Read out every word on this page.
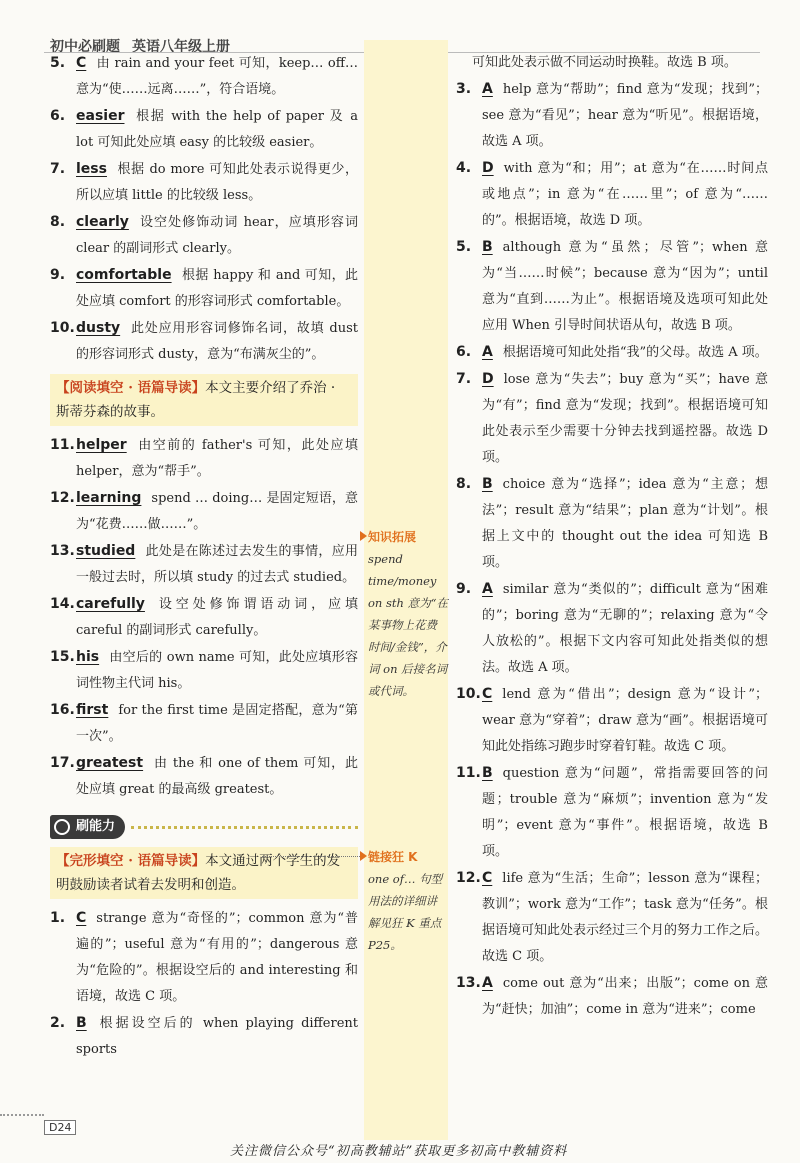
初中必刷题 英语八年级上册
5. C 由 rain and your feet 可知，keep… off… 意为“使……远离……”，符合语境。
6. easier 根据 with the help of paper 及 a lot 可知此处应填 easy 的比较级 easier。
7. less 根据 do more 可知此处表示说得更少，所以应填 little 的比较级 less。
8. clearly 设空处修饰动词 hear，应填形容词 clear 的副词形式 clearly。
9. comfortable 根据 happy 和 and 可知，此处应填 comfort 的形容词形式 comfortable。
10. dusty 此处应用形容词修饰名词，故填 dust 的形容词形式 dusty，意为“布满灰尘的”。
【阅读填空 · 语篇导读】本文主要介绍了乔治 · 斯蒂芬森的故事。
11. helper 由空前的 father's 可知，此处应填 helper，意为“帮手”。
12. learning spend … doing… 是固定短语，意为“花费……做……”。
13. studied 此处是在陈述过去发生的事情，应用一般过去时，所以填 study 的过去式 studied。
14. carefully 设空处修饰谓语动词，应填 careful 的副词形式 carefully。
15. his 由空后的 own name 可知，此处应填形容词性物主代词 his。
16. first for the first time 是固定搭配，意为“第一次”。
17. greatest 由 the 和 one of them 可知，此处应填 great 的最高级 greatest。
刷能力
【完形填空 · 语篇导读】本文通过两个学生的发明鼓励读者试着去发明和创造。
1. C strange 意为“奇怪的”；common 意为“普遍的”；useful 意为“有用的”；dangerous 意为“危险的”。根据设空后的 and interesting 和语境，故选 C 项。
2. B 根据设空后的 when playing different sports
知识拓展
spend time/money on sth 意为“在某事物上花费时间/金钱”，介词 on 后接名词或代词。
链接狂 K
one of… 句型用法的详细讲解见狂 K 重点 P25。
可知此处表示做不同运动时换鞋。故选 B 项。
3. A help 意为“帮助”；find 意为“发现；找到”；see 意为“看见”；hear 意为“听见”。根据语境，故选 A 项。
4. D with 意为“和；用”；at 意为“在……时间点或地点”；in 意为“在……里”；of 意为“……的”。根据语境，故选 D 项。
5. B although 意为“虽然；尽管”；when 意为“当……时候”；because 意为“因为”；until 意为“直到……为止”。根据语境及选项可知此处应用 When 引导时间状语从句，故选 B 项。
6. A 根据语境可知此处指“我”的父母。故选 A 项。
7. D lose 意为“失去”；buy 意为“买”；have 意为“有”；find 意为“发现；找到”。根据语境可知此处表示至少需要十分钟去找到遥控器。故选 D 项。
8. B choice 意为“选择”；idea 意为“主意；想法”；result 意为“结果”；plan 意为“计划”。根据上文中的 thought out the idea 可知选 B 项。
9. A similar 意为“类似的”；difficult 意为“困难的”；boring 意为“无聊的”；relaxing 意为“令人放松的”。根据下文内容可知此处指类似的想法。故选 A 项。
10. C lend 意为“借出”；design 意为“设计”；wear 意为“穿着”；draw 意为“画”。根据语境可知此处指练习跑步时穿着钉鞋。故选 C 项。
11. B question 意为“问题”，常指需要回答的问题；trouble 意为“麻烦”；invention 意为“发明”；event 意为“事件”。根据语境，故选 B 项。
12. C life 意为“生活；生命”；lesson 意为“课程；教训”；work 意为“工作”；task 意为“任务”。根据语境可知此处表示经过三个月的努力工作之后。故选 C 项。
13. A come out 意为“出来；出版”；come on 意为“赶快；加油”；come in 意为“进来”；come
D24
关注微信公众号“初高教辅站”获取更多初高中教辅资料
